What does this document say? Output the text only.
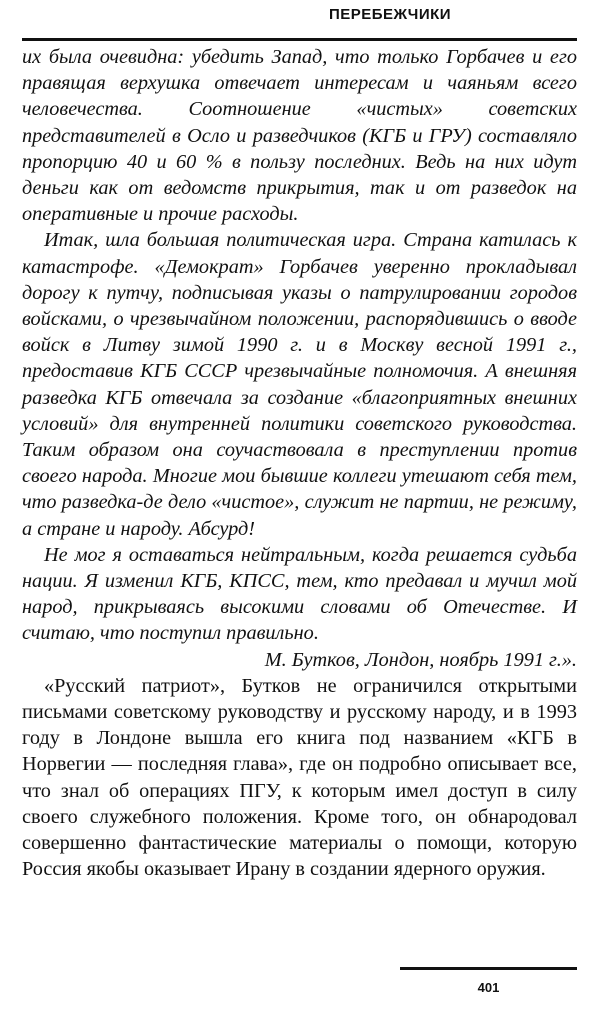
ПЕРЕБЕЖЧИКИ

их была очевидна: убедить Запад, что только Горбачев и его правящая верхушка отвечает интересам и чаяньям всего человечества. Соотношение «чистых» советских представителей в Осло и разведчиков (КГБ и ГРУ) составляло пропорцию 40 и 60 % в пользу последних. Ведь на них идут деньги как от ведомств прикрытия, так и от разведок на оперативные и прочие расходы.

Итак, шла большая политическая игра. Страна катилась к катастрофе. «Демократ» Горбачев уверенно прокладывал дорогу к путчу, подписывая указы о патрулировании городов войсками, о чрезвычайном положении, распорядившись о вводе войск в Литву зимой 1990 г. и в Москву весной 1991 г., предоставив КГБ СССР чрезвычайные полномочия. А внешняя разведка КГБ отвечала за создание «благоприятных внешних условий» для внутренней политики советского руководства. Таким образом она соучаствовала в преступлении против своего народа. Многие мои бывшие коллеги утешают себя тем, что разведка-де дело «чистое», служит не партии, не режиму, а стране и народу. Абсурд!

Не мог я оставаться нейтральным, когда решается судьба нации. Я изменил КГБ, КПСС, тем, кто предавал и мучил мой народ, прикрываясь высокими словами об Отечестве. И считаю, что поступил правильно.

М. Бутков, Лондон, ноябрь 1991 г.».

«Русский патриот», Бутков не ограничился открытыми письмами советскому руководству и русскому народу, и в 1993 году в Лондоне вышла его книга под названием «КГБ в Норвегии — последняя глава», где он подробно описывает все, что знал об операциях ПГУ, к которым имел доступ в силу своего служебного положения. Кроме того, он обнародовал совершенно фантастические материалы о помощи, которую Россия якобы оказывает Ирану в создании ядерного оружия.

401
